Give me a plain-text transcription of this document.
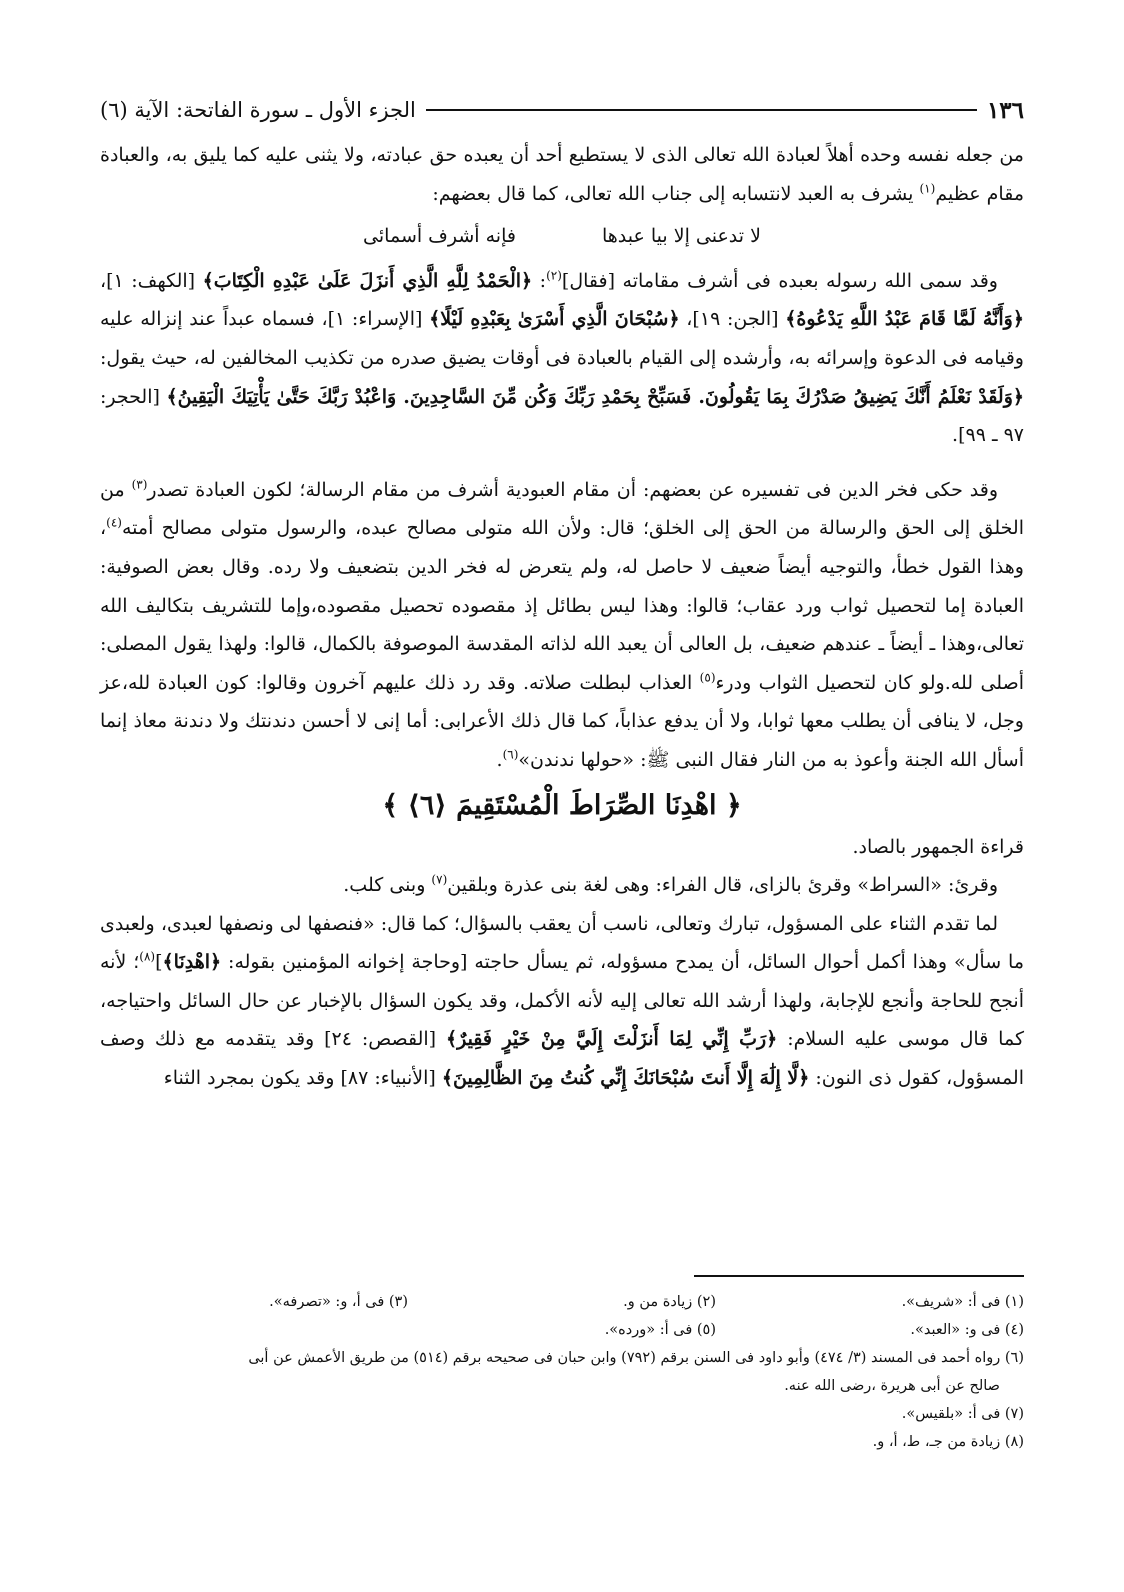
١٣٦
الجزء الأول ـ سورة الفاتحة: الآية (٦)

من جعله نفسه وحده أهلاً لعبادة الله تعالى الذى لا يستطيع أحد أن يعبده حق عبادته، ولا يثنى عليه كما يليق به، والعبادة مقام عظيم$^{(١)}$ يشرف به العبد لانتسابه إلى جناب الله تعالى، كما قال بعضهم:

لا تدعنى إلا بيا عبدها فإنه أشرف أسمائى

وقد سمى الله رسوله بعبده فى أشرف مقاماته [فقال]$^{(٢)}$: ﴿الْحَمْدُ لِلَّهِ الَّذِي أَنزَلَ عَلَىٰ عَبْدِهِ الْكِتَابَ﴾ [الكهف: ١]، ﴿وَأَنَّهُ لَمَّا قَامَ عَبْدُ اللَّهِ يَدْعُوهُ﴾ [الجن: ١٩]، ﴿سُبْحَانَ الَّذِي أَسْرَىٰ بِعَبْدِهِ لَيْلًا﴾ [الإسراء: ١]، فسماه عبداً عند إنزاله عليه وقيامه فى الدعوة وإسرائه به، وأرشده إلى القيام بالعبادة فى أوقات يضيق صدره من تكذيب المخالفين له، حيث يقول: ﴿وَلَقَدْ نَعْلَمُ أَنَّكَ يَضِيقُ صَدْرُكَ بِمَا يَقُولُونَ. فَسَبِّحْ بِحَمْدِ رَبِّكَ وَكُن مِّنَ السَّاجِدِينَ. وَاعْبُدْ رَبَّكَ حَتَّىٰ يَأْتِيَكَ الْيَقِينُ﴾ [الحجر: ٩٧ ـ ٩٩].

وقد حكى فخر الدين فى تفسيره عن بعضهم: أن مقام العبودية أشرف من مقام الرسالة؛ لكون العبادة تصدر$^{(٣)}$ من الخلق إلى الحق والرسالة من الحق إلى الخلق؛ قال: ولأن الله متولى مصالح عبده، والرسول متولى مصالح أمته$^{(٤)}$، وهذا القول خطأ، والتوجيه أيضاً ضعيف لا حاصل له، ولم يتعرض له فخر الدين بتضعيف ولا رده. وقال بعض الصوفية: العبادة إما لتحصيل ثواب ورد عقاب؛ قالوا: وهذا ليس بطائل إذ مقصوده تحصيل مقصوده،وإما للتشريف بتكاليف الله تعالى،وهذا ـ أيضاً ـ عندهم ضعيف، بل العالى أن يعبد الله لذاته المقدسة الموصوفة بالكمال، قالوا: ولهذا يقول المصلى: أصلى لله.ولو كان لتحصيل الثواب ودرء$^{(٥)}$ العذاب لبطلت صلاته. وقد رد ذلك عليهم آخرون وقالوا: كون العبادة لله،عز وجل، لا ينافى أن يطلب معها ثوابا، ولا أن يدفع عذاباً، كما قال ذلك الأعرابى: أما إنى لا أحسن دندنتك ولا دندنة معاذ إنما أسأل الله الجنة وأعوذ به من النار فقال النبى ﷺ: «حولها ندندن»$^{(٦)}$.

﴿ اهْدِنَا الصِّرَاطَ الْمُسْتَقِيمَ ⟨٦⟩ ﴾

قراءة الجمهور بالصاد.

وقرئ: «السراط» وقرئ بالزاى، قال الفراء: وهى لغة بنى عذرة وبلقين$^{(٧)}$ وبنى كلب.

لما تقدم الثناء على المسؤول، تبارك وتعالى، ناسب أن يعقب بالسؤال؛ كما قال: «فنصفها لى ونصفها لعبدى، ولعبدى ما سأل» وهذا أكمل أحوال السائل، أن يمدح مسؤوله، ثم يسأل حاجته [وحاجة إخوانه المؤمنين بقوله: ﴿اهْدِنَا﴾]$^{(٨)}$؛ لأنه أنجح للحاجة وأنجع للإجابة، ولهذا أرشد الله تعالى إليه لأنه الأكمل، وقد يكون السؤال بالإخبار عن حال السائل واحتياجه، كما قال موسى عليه السلام: ﴿رَبِّ إِنِّي لِمَا أَنزَلْتَ إِلَيَّ مِنْ خَيْرٍ فَقِيرٌ﴾ [القصص: ٢٤] وقد يتقدمه مع ذلك وصف المسؤول، كقول ذى النون: ﴿لَّا إِلَٰهَ إِلَّا أَنتَ سُبْحَانَكَ إِنِّي كُنتُ مِنَ الظَّالِمِينَ﴾ [الأنبياء: ٨٧] وقد يكون بمجرد الثناء

(١) فى أ: «شريف».
(٢) زيادة من و.
(٣) فى أ، و: «تصرفه».
(٤) فى و: «العبد».
(٥) فى أ: «ورده».

(٦) رواه أحمد فى المسند (٣/ ٤٧٤) وأبو داود فى السنن برقم (٧٩٢) وابن حبان فى صحيحه برقم (٥١٤) من طريق الأعمش عن أبى

صالح عن أبى هريرة ،رضى الله عنه.

(٧) فى أ: «بلقيس».

(٨) زيادة من جـ، ط، أ، و.
